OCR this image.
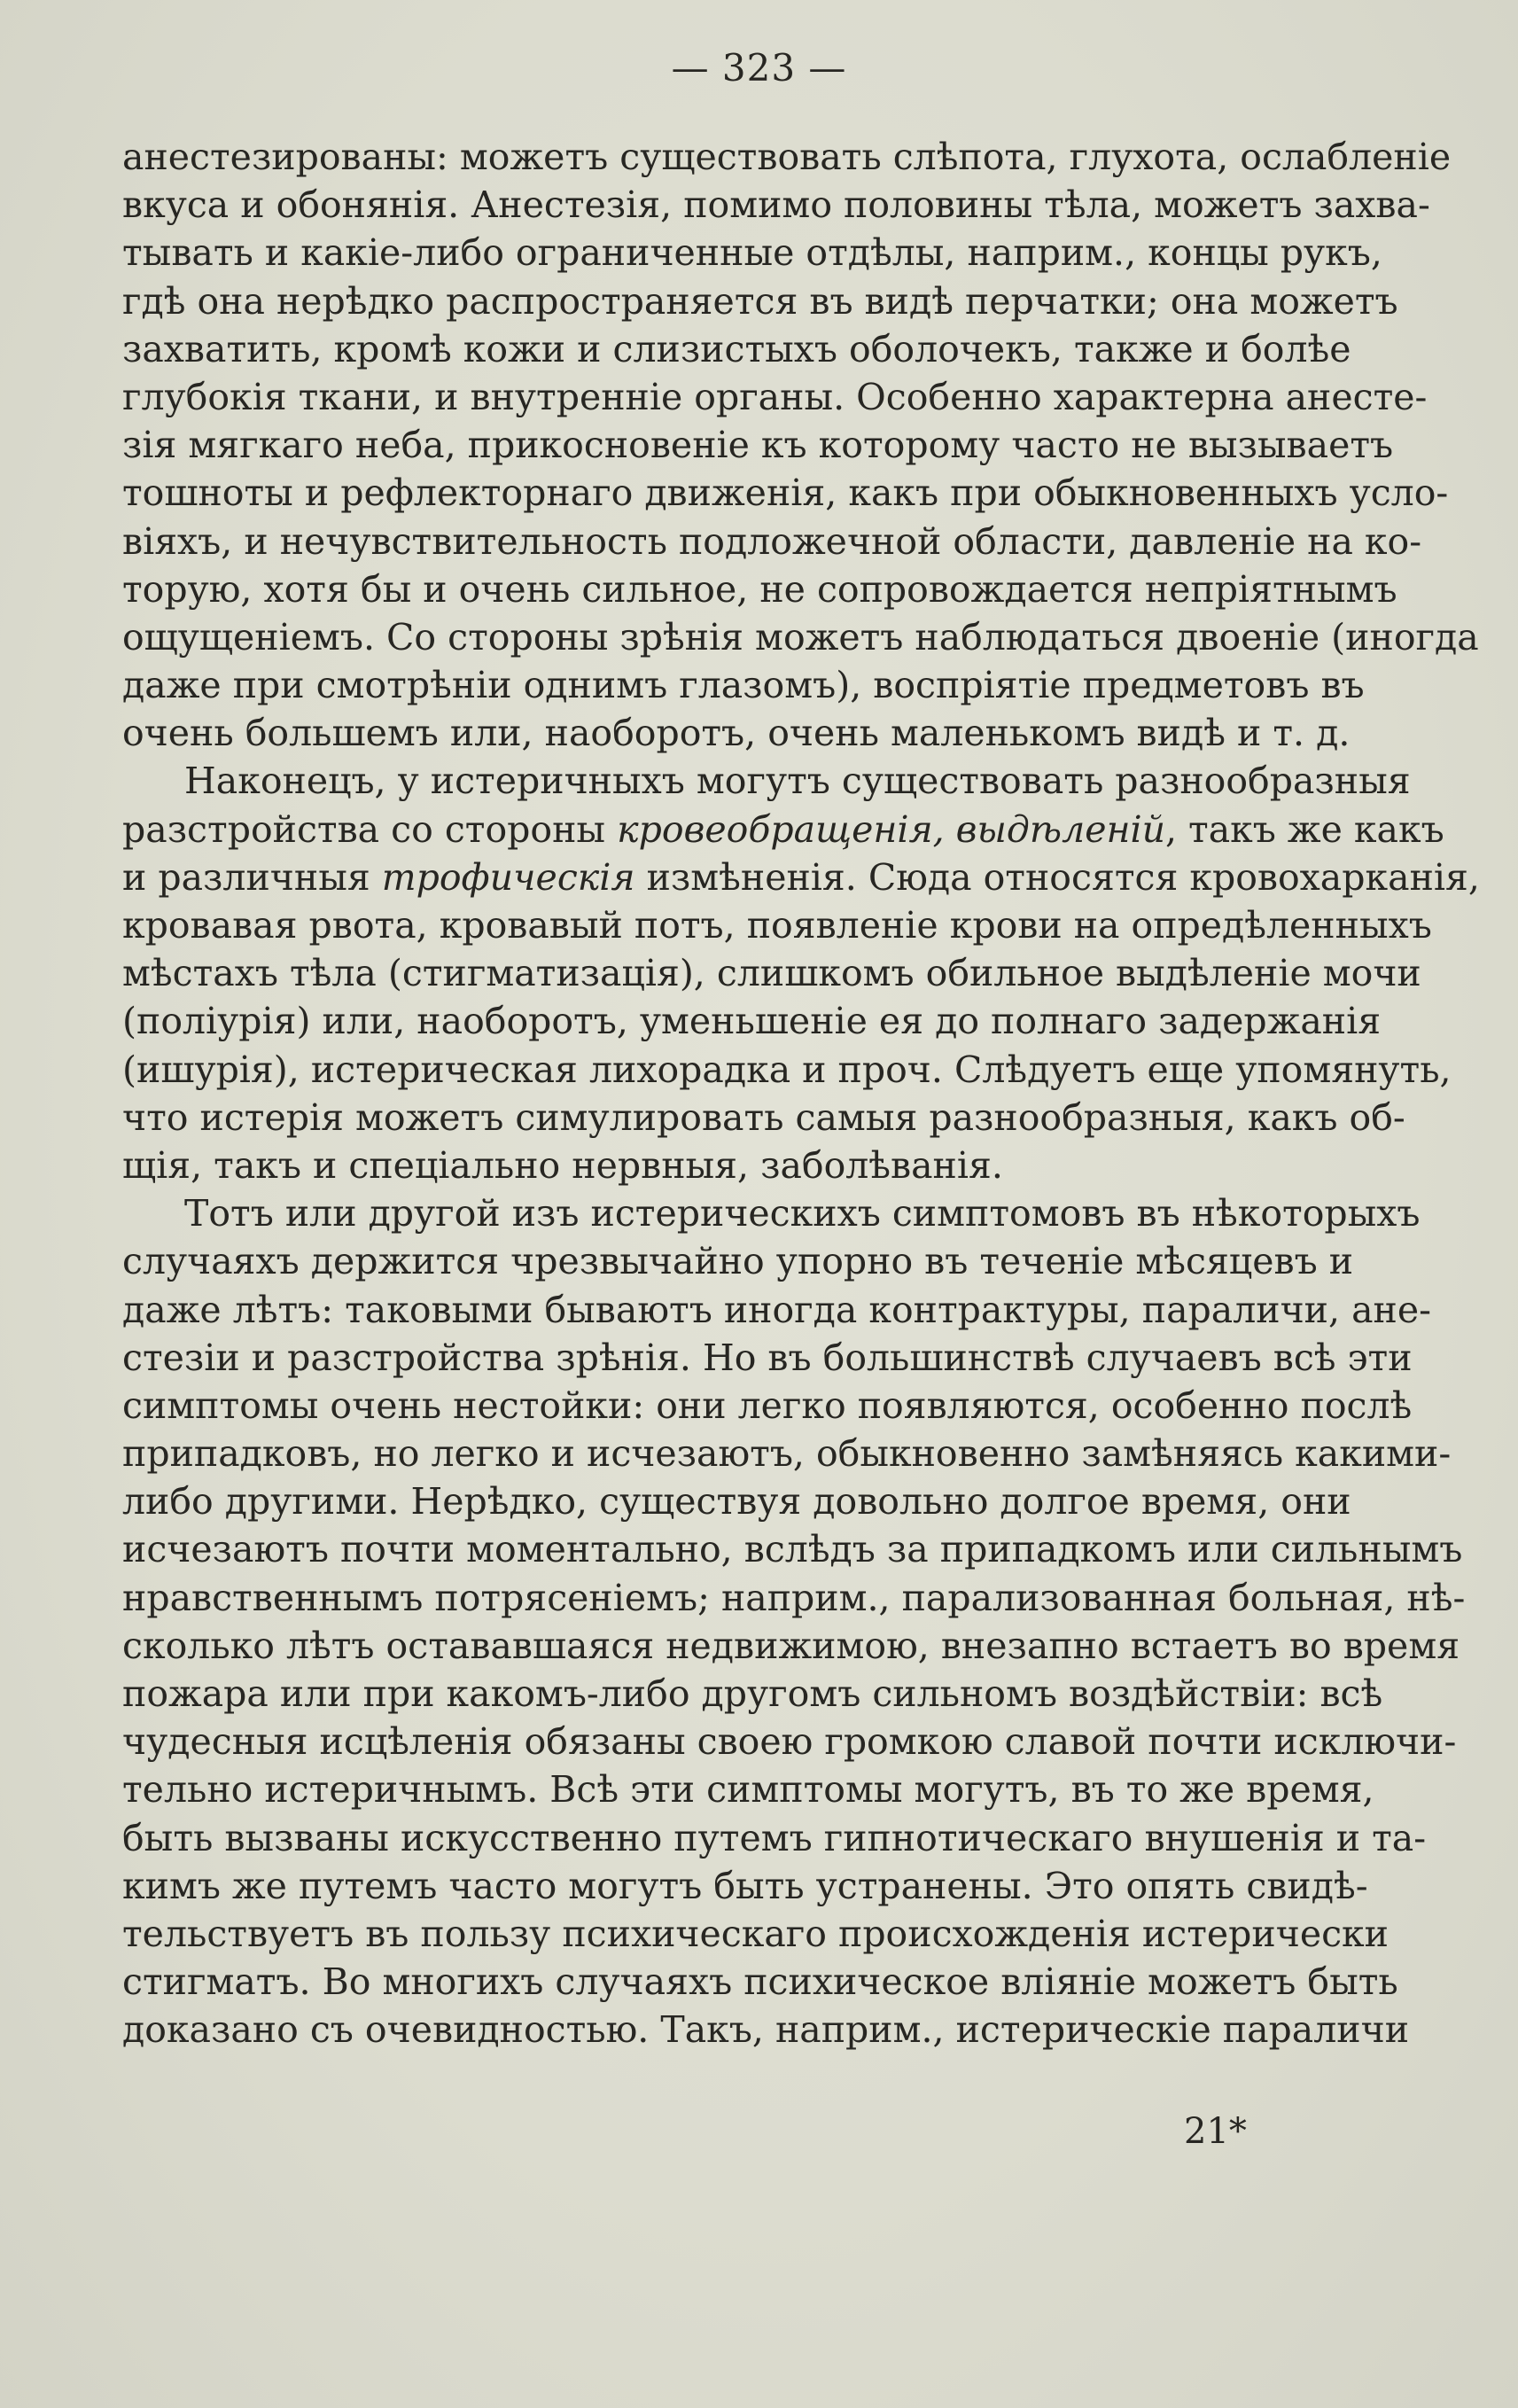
— 323 —
анестезированы: можетъ существовать слѣпота, глухота, ослабленіе
вкуса и обонянія. Анестезія, помимо половины тѣла, можетъ захва-
тывать и какіе-либо ограниченные отдѣлы, наприм., концы рукъ,
гдѣ она нерѣдко распространяется въ видѣ перчатки; она можетъ
захватить, кромѣ кожи и слизистыхъ оболочекъ, также и болѣе
глубокія ткани, и внутренніе органы. Особенно характерна анесте-
зія мягкаго неба, прикосновеніе къ которому часто не вызываетъ
тошноты и рефлекторнаго движенія, какъ при обыкновенныхъ усло-
віяхъ, и нечувствительность подложечной области, давленіе на ко-
торую, хотя бы и очень сильное, не сопровождается непріятнымъ
ощущеніемъ. Со стороны зрѣнія можетъ наблюдаться двоеніе (иногда
даже при смотрѣніи однимъ глазомъ), воспріятіе предметовъ въ
очень большемъ или, наоборотъ, очень маленькомъ видѣ и т. д.
Наконецъ, у истеричныхъ могутъ существовать разнообразныя
разстройства со стороны кровеобращенія, выдѣленій, такъ же какъ
и различныя трофическія измѣненія. Сюда относятся кровохарканія,
кровавая рвота, кровавый потъ, появленіе крови на опредѣленныхъ
мѣстахъ тѣла (стигматизація), слишкомъ обильное выдѣленіе мочи
(поліурія) или, наоборотъ, уменьшеніе ея до полнаго задержанія
(ишурія), истерическая лихорадка и проч. Слѣдуетъ еще упомянуть,
что истерія можетъ симулировать самыя разнообразныя, какъ об-
щія, такъ и спеціально нервныя, заболѣванія.
Тотъ или другой изъ истерическихъ симптомовъ въ нѣкоторыхъ
случаяхъ держится чрезвычайно упорно въ теченіе мѣсяцевъ и
даже лѣтъ: таковыми бываютъ иногда контрактуры, параличи, ане-
стезіи и разстройства зрѣнія. Но въ большинствѣ случаевъ всѣ эти
симптомы очень нестойки: они легко появляются, особенно послѣ
припадковъ, но легко и исчезаютъ, обыкновенно замѣняясь какими-
либо другими. Нерѣдко, существуя довольно долгое время, они
исчезаютъ почти моментально, вслѣдъ за припадкомъ или сильнымъ
нравственнымъ потрясеніемъ; наприм., парализованная больная, нѣ-
сколько лѣтъ остававшаяся недвижимою, внезапно встаетъ во время
пожара или при какомъ-либо другомъ сильномъ воздѣйствіи: всѣ
чудесныя исцѣленія обязаны своею громкою славой почти исключи-
тельно истеричнымъ. Всѣ эти симптомы могутъ, въ то же время,
быть вызваны искусственно путемъ гипнотическаго внушенія и та-
кимъ же путемъ часто могутъ быть устранены. Это опять свидѣ-
тельствуетъ въ пользу психическаго происхожденія истерически
стигматъ. Во многихъ случаяхъ психическое вліяніе можетъ быть
доказано съ очевидностью. Такъ, наприм., истерическіе параличи
21*
